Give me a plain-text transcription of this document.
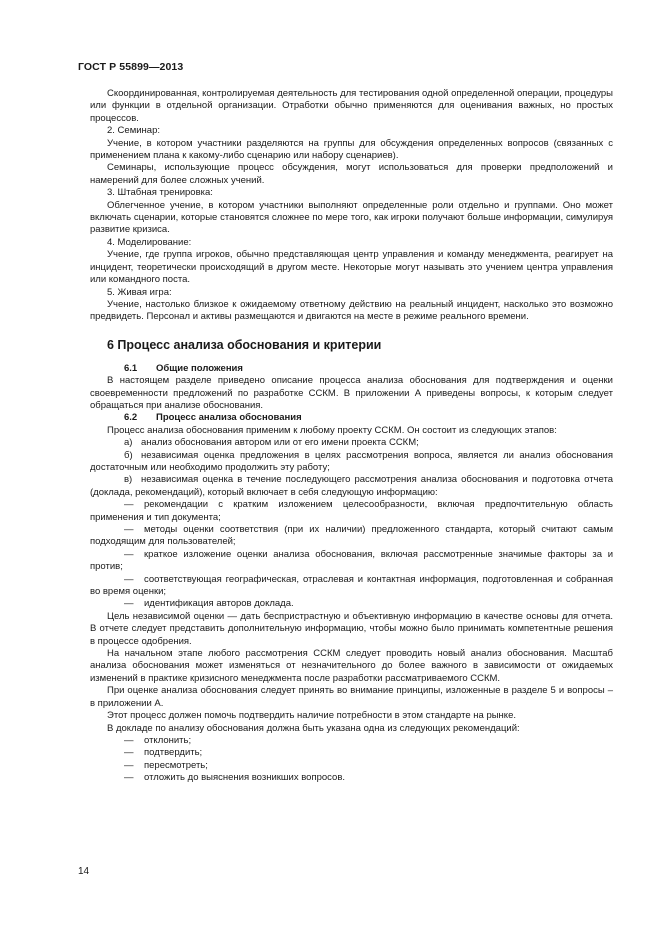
ГОСТ Р 55899—2013

Скоординированная, контролируемая деятельность для тестирования одной определенной операции, процедуры или функции в отдельной организации. Отработки обычно применяются для оценивания важных, но простых процессов.

2. Семинар:

Учение, в котором участники разделяются на группы для обсуждения определенных вопросов (связанных с применением плана к какому-либо сценарию или набору сценариев).

Семинары, использующие процесс обсуждения, могут использоваться для проверки предположений и намерений для более сложных учений.

3. Штабная тренировка:

Облегченное учение, в котором участники выполняют определенные роли отдельно и группами. Оно может включать сценарии, которые становятся сложнее по мере того, как игроки получают больше информации, симулируя развитие кризиса.

4. Моделирование:

Учение, где группа игроков, обычно представляющая центр управления и команду менеджмента, реагирует на инцидент, теоретически происходящий в другом месте. Некоторые могут называть это учением центра управления или командного поста.

5. Живая игра:

Учение, настолько близкое к ожидаемому ответному действию на реальный инцидент, насколько это возможно предвидеть. Персонал и активы размещаются и двигаются на месте в режиме реального времени.

6 Процесс анализа обоснования и критерии

6.1 Общие положения

В настоящем разделе приведено описание процесса анализа обоснования для подтверждения и оценки своевременности предложений по разработке ССКМ. В приложении А приведены вопросы, к которым следует обращаться при анализе обоснования.

6.2 Процесс анализа обоснования

Процесс анализа обоснования применим к любому проекту ССКМ. Он состоит из следующих этапов:

а) анализ обоснования автором или от его имени проекта ССКМ;

б) независимая оценка предложения в целях рассмотрения вопроса, является ли анализ обоснования достаточным или необходимо продолжить эту работу;

в) независимая оценка в течение последующего рассмотрения анализа обоснования и подготовка отчета (доклада, рекомендаций), который включает в себя следующую информацию:

— рекомендации с кратким изложением целесообразности, включая предпочтительную область применения и тип документа;

— методы оценки соответствия (при их наличии) предложенного стандарта, который считают самым подходящим для пользователей;

— краткое изложение оценки анализа обоснования, включая рассмотренные значимые факторы за и против;

— соответствующая географическая, отраслевая и контактная информация, подготовленная и собранная во время оценки;

— идентификация авторов доклада.

Цель независимой оценки — дать беспристрастную и объективную информацию в качестве основы для отчета. В отчете следует представить дополнительную информацию, чтобы можно было принимать компетентные решения в процессе одобрения.

На начальном этапе любого рассмотрения ССКМ следует проводить новый анализ обоснования. Масштаб анализа обоснования может изменяться от незначительного до более важного в зависимости от ожидаемых изменений в практике кризисного менеджмента после разработки рассматриваемого ССКМ.

При оценке анализа обоснования следует принять во внимание принципы, изложенные в разделе 5 и вопросы – в приложении А.

Этот процесс должен помочь подтвердить наличие потребности в этом стандарте на рынке.

В докладе по анализу обоснования должна быть указана одна из следующих рекомендаций:

— отклонить;

— подтвердить;

— пересмотреть;

— отложить до выяснения возникших вопросов.

14
